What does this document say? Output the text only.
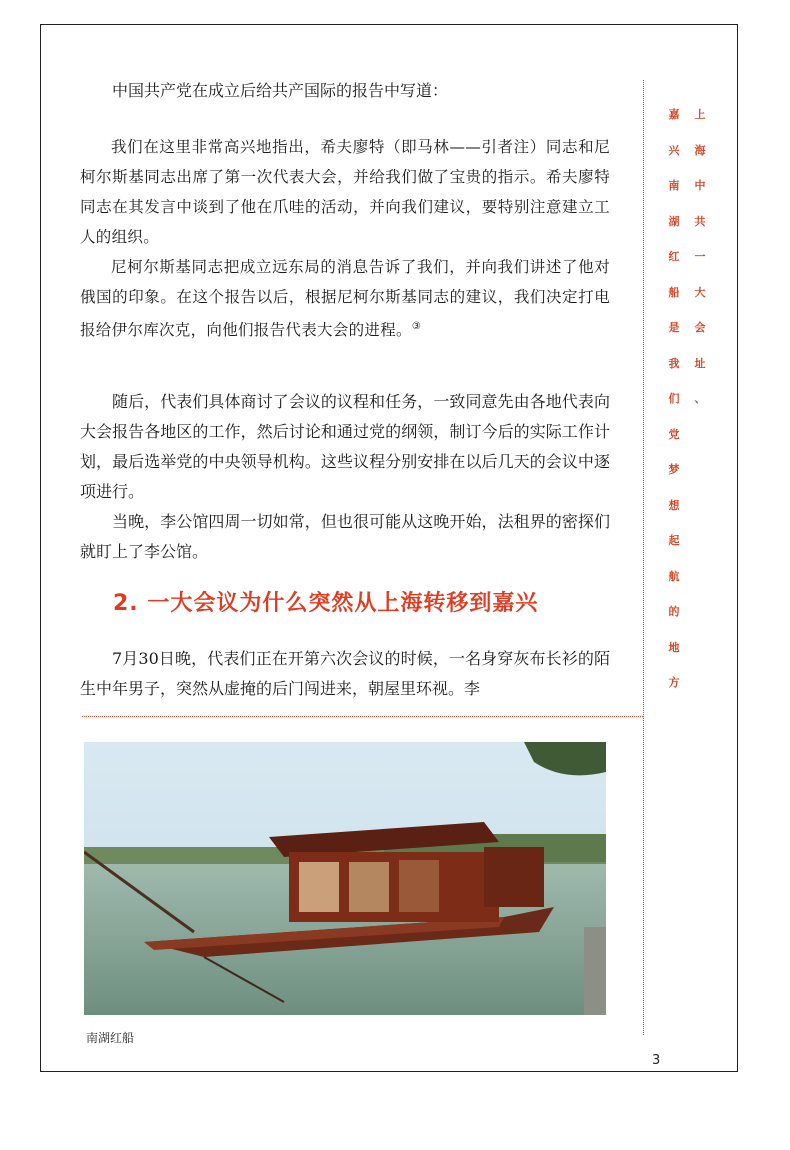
上
海
中
共
一
大
会
址
、
嘉
兴
南
湖
红
船
是
我
们
党
梦
想
起
航
的
地
方

中国共产党在成立后给共产国际的报告中写道：

我们在这里非常高兴地指出，希夫廖特（即马林——引者注）同志和尼柯尔斯基同志出席了第一次代表大会，并给我们做了宝贵的指示。希夫廖特同志在其发言中谈到了他在爪哇的活动，并向我们建议，要特别注意建立工人的组织。

尼柯尔斯基同志把成立远东局的消息告诉了我们，并向我们讲述了他对俄国的印象。在这个报告以后，根据尼柯尔斯基同志的建议，我们决定打电报给伊尔库次克，向他们报告代表大会的进程。③

随后，代表们具体商讨了会议的议程和任务，一致同意先由各地代表向大会报告各地区的工作，然后讨论和通过党的纲领，制订今后的实际工作计划，最后选举党的中央领导机构。这些议程分别安排在以后几天的会议中逐项进行。

当晚，李公馆四周一切如常，但也很可能从这晚开始，法租界的密探们就盯上了李公馆。

2. 一大会议为什么突然从上海转移到嘉兴

7月30日晚，代表们正在开第六次会议的时候，一名身穿灰布长衫的陌生中年男子，突然从虚掩的后门闯进来，朝屋里环视。李

南湖红船
3
